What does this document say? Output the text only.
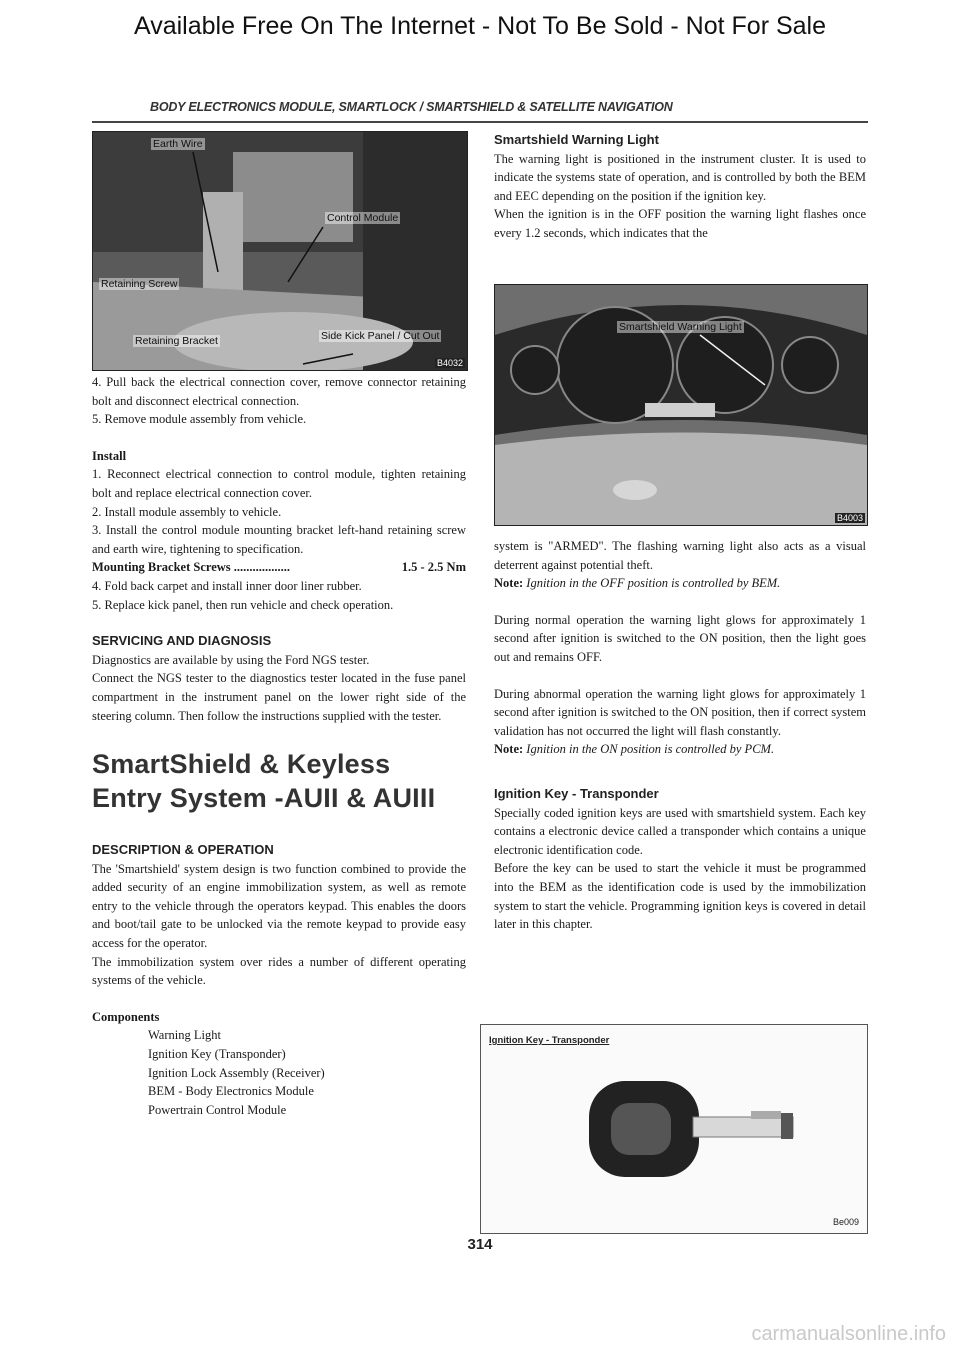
Available Free On The Internet - Not To Be Sold - Not For Sale
BODY ELECTRONICS MODULE, SMARTLOCK / SMARTSHIELD & SATELLITE NAVIGATION
Earth Wire
Control Module
Retaining Screw
Retaining Bracket	Side Kick Panel / Cut Out
B4032

4. Pull back the electrical connection cover, remove connector retaining bolt and disconnect electrical connection.

5. Remove module assembly from vehicle.

Install

1. Reconnect electrical connection to control module, tighten retaining bolt and replace electrical connection cover.

2. Install module assembly to vehicle.

3. Install the control module mounting bracket left-hand retaining screw and earth wire, tightening to specification.

Mounting Bracket Screws ..................	1.5 - 2.5 Nm

4. Fold back carpet and install inner door liner rubber.

5. Replace kick panel, then run vehicle and check operation.

SERVICING AND DIAGNOSIS

Diagnostics are available by using the Ford NGS tester.

Connect the NGS tester to the diagnostics tester located in the fuse panel compartment in the instrument panel on the lower right side of the steering column. Then follow the instructions supplied with the tester.

SmartShield & Keyless
Entry System -AUII & AUIII

DESCRIPTION & OPERATION

The 'Smartshield' system design is two function combined to provide the added security of an engine immobilization system, as well as remote entry to the vehicle through the operators keypad. This enables the doors and boot/tail gate to be unlocked via the remote keypad to provide easy access for the operator.

The immobilization system over rides a number of different operating systems of the vehicle.

Components

Warning Light

Ignition Key (Transponder)

Ignition Lock Assembly (Receiver)

BEM - Body Electronics Module

Powertrain Control Module

Smartshield Warning Light

The warning light is positioned in the instrument cluster. It is used to indicate the systems state of operation, and is controlled by both the BEM and EEC depending on the position if the ignition key.

When the ignition is in the OFF position the warning light flashes once every 1.2 seconds, which indicates that the

Smartshield Warning Light
B4003

system is "ARMED". The flashing warning light also acts as a visual deterrent against potential theft.

Note: Ignition in the OFF position is controlled by BEM.

During normal operation the warning light glows for approximately 1 second after ignition is switched to the ON position, then the light goes out and remains OFF.

During abnormal operation the warning light glows for approximately 1 second after ignition is switched to the ON position, then if correct system validation has not occurred the light will flash constantly.

Note: Ignition in the ON position is controlled by PCM.

Ignition Key - Transponder

Specially coded ignition keys are used with smartshield system. Each key contains a electronic device called a transponder which contains a unique electronic identification code.

Before the key can be used to start the vehicle it must be programmed into the BEM as the identification code is used by the immobilization system to start the vehicle. Programming ignition keys is covered in detail later in this chapter.

Ignition Key - Transponder
Be009
314
carmanualsonline.info
